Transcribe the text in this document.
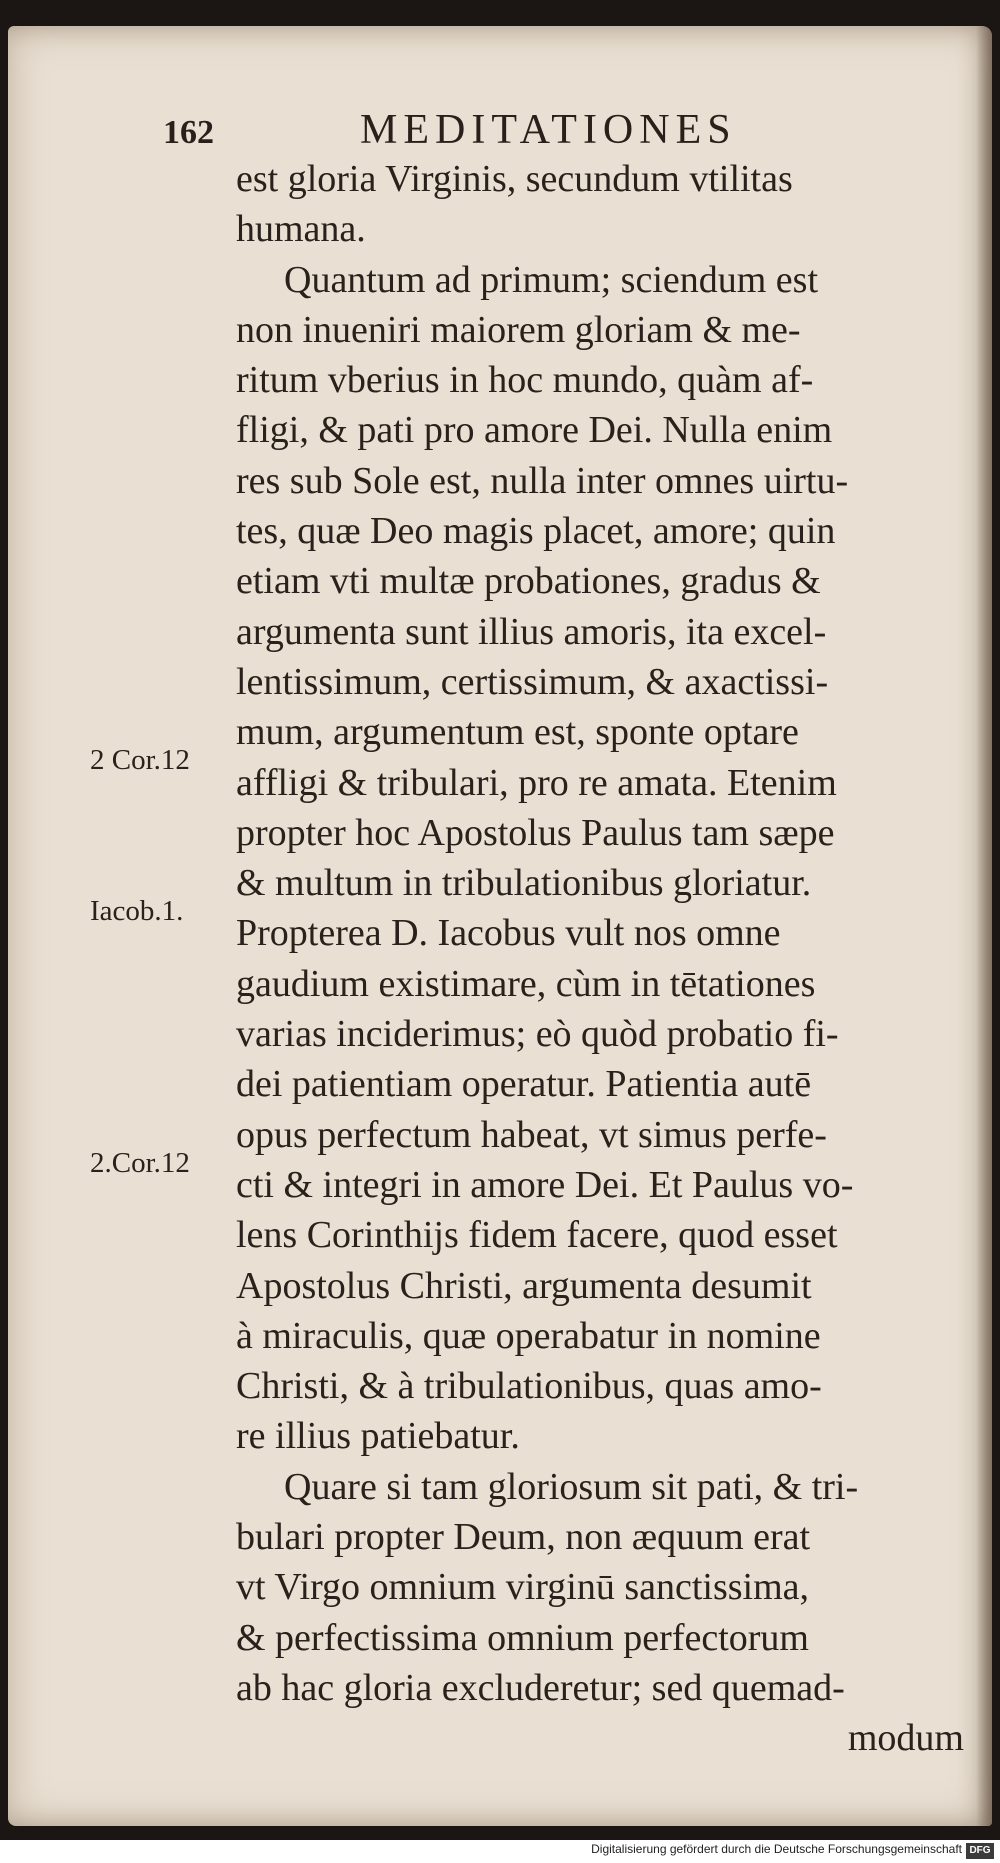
162	MEDITATIONES
est gloria Virginis, secundum vtilitas
humana.
Quantum ad primum; sciendum est
non inueniri maiorem gloriam & me-
ritum vberius in hoc mundo, quàm af-
fligi, & pati pro amore Dei. Nulla enim
res sub Sole est, nulla inter omnes uirtu-
tes, quæ Deo magis placet, amore; quin
etiam vti multæ probationes, gradus &
argumenta sunt illius amoris, ita excel-
lentissimum, certissimum, & axactissi-
mum, argumentum est, sponte optare
affligi & tribulari, pro re amata. Etenim
propter hoc Apostolus Paulus tam sæpe
& multum in tribulationibus gloriatur.
Propterea D. Iacobus vult nos omne
gaudium existimare, cùm in tētationes
varias inciderimus; eò quòd probatio fi-
dei patientiam operatur. Patientia autē
opus perfectum habeat, vt simus perfe-
cti & integri in amore Dei. Et Paulus vo-
lens Corinthijs fidem facere, quod esset
Apostolus Christi, argumenta desumit
à miraculis, quæ operabatur in nomine
Christi, & à tribulationibus, quas amo-
re illius patiebatur.
Quare si tam gloriosum sit pati, & tri-
bulari propter Deum, non æquum erat
vt Virgo omnium virginū sanctissima,
& perfectissima omnium perfectorum
ab hac gloria excluderetur; sed quemad-
modum
2 Cor.12
Iacob.1.
2.Cor.12
Digitalisierung gefördert durch die Deutsche Forschungsgemeinschaft DFG
